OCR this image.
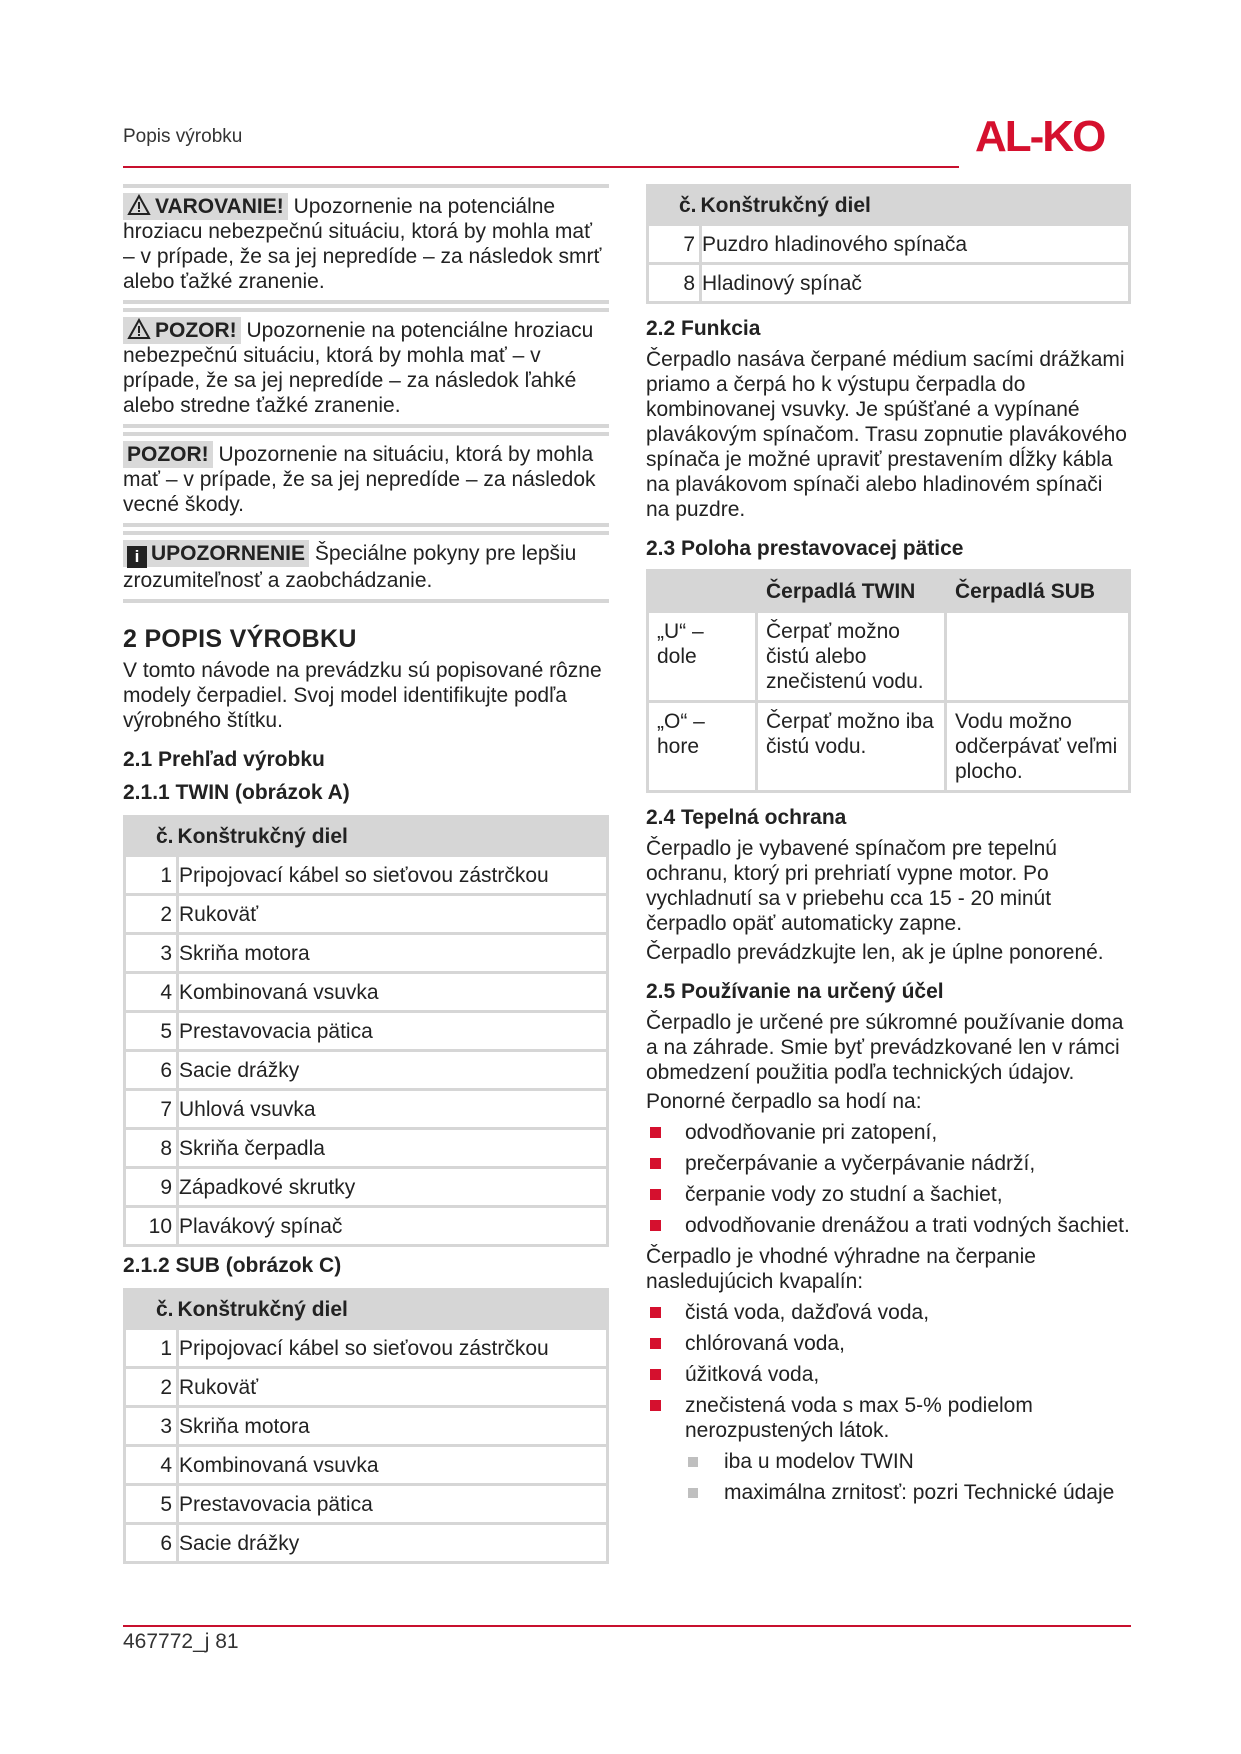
Popis výrobku	AL-KO

VAROVANIE! Upozornenie na potenciálne hroziacu nebezpečnú situáciu, ktorá by mohla mať – v prípade, že sa jej nepredíde – za následok smrť alebo ťažké zranenie.

POZOR! Upozornenie na potenciálne hroziacu nebezpečnú situáciu, ktorá by mohla mať – v prípade, že sa jej nepredíde – za následok ľahké alebo stredne ťažké zranenie.

POZOR! Upozornenie na situáciu, ktorá by mohla mať – v prípade, že sa jej nepredíde – za následok vecné škody.

i UPOZORNENIE Špeciálne pokyny pre lepšiu zrozumiteľnosť a zaobchádzanie.

2 POPIS VÝROBKU

V tomto návode na prevádzku sú popisované rôzne modely čerpadiel. Svoj model identifikujte podľa výrobného štítku.

2.1 Prehľad výrobku
2.1.1 TWIN (obrázok A)
č.	Konštrukčný diel
1	Pripojovací kábel so sieťovou zástrčkou
2	Rukoväť
3	Skriňa motora
4	Kombinovaná vsuvka
5	Prestavovacia pätica
6	Sacie drážky
7	Uhlová vsuvka
8	Skriňa čerpadla
9	Západkové skrutky
10	Plavákový spínač
2.1.2 SUB (obrázok C)
č.	Konštrukčný diel
1	Pripojovací kábel so sieťovou zástrčkou
2	Rukoväť
3	Skriňa motora
4	Kombinovaná vsuvka
5	Prestavovacia pätica
6	Sacie drážky
č.	Konštrukčný diel
7	Puzdro hladinového spínača
8	Hladinový spínač
2.2 Funkcia

Čerpadlo nasáva čerpané médium sacími drážkami priamo a čerpá ho k výstupu čerpadla do kombinovanej vsuvky. Je spúšťané a vypínané plavákovým spínačom. Trasu zopnutie plavákového spínača je možné upraviť prestavením dĺžky kábla na plavákovom spínači alebo hladinovém spínači na puzdre.

2.3 Poloha prestavovacej pätice
	Čerpadlá TWIN	Čerpadlá SUB
„U“ – dole	Čerpať možno čistú alebo znečistenú vodu.	
„O“ – hore	Čerpať možno iba čistú vodu.	Vodu možno odčerpávať veľmi plocho.
2.4 Tepelná ochrana

Čerpadlo je vybavené spínačom pre tepelnú ochranu, ktorý pri prehriatí vypne motor. Po vychladnutí sa v priebehu cca 15 - 20 minút čerpadlo opäť automaticky zapne.

Čerpadlo prevádzkujte len, ak je úplne ponorené.

2.5 Používanie na určený účel

Čerpadlo je určené pre súkromné používanie doma a na záhrade. Smie byť prevádzkované len v rámci obmedzení použitia podľa technických údajov.

Ponorné čerpadlo sa hodí na:

odvodňovanie pri zatopení,
prečerpávanie a vyčerpávanie nádrží,
čerpanie vody zo studní a šachiet,
odvodňovanie drenážou a trati vodných šachiet.

Čerpadlo je vhodné výhradne na čerpanie nasledujúcich kvapalín:

čistá voda, dažďová voda,
chlórovaná voda,
úžitková voda,
znečistená voda s max 5-% podielom nerozpustených látok.
iba u modelov TWIN
maximálna zrnitosť: pozri Technické údaje
467772_j 81
